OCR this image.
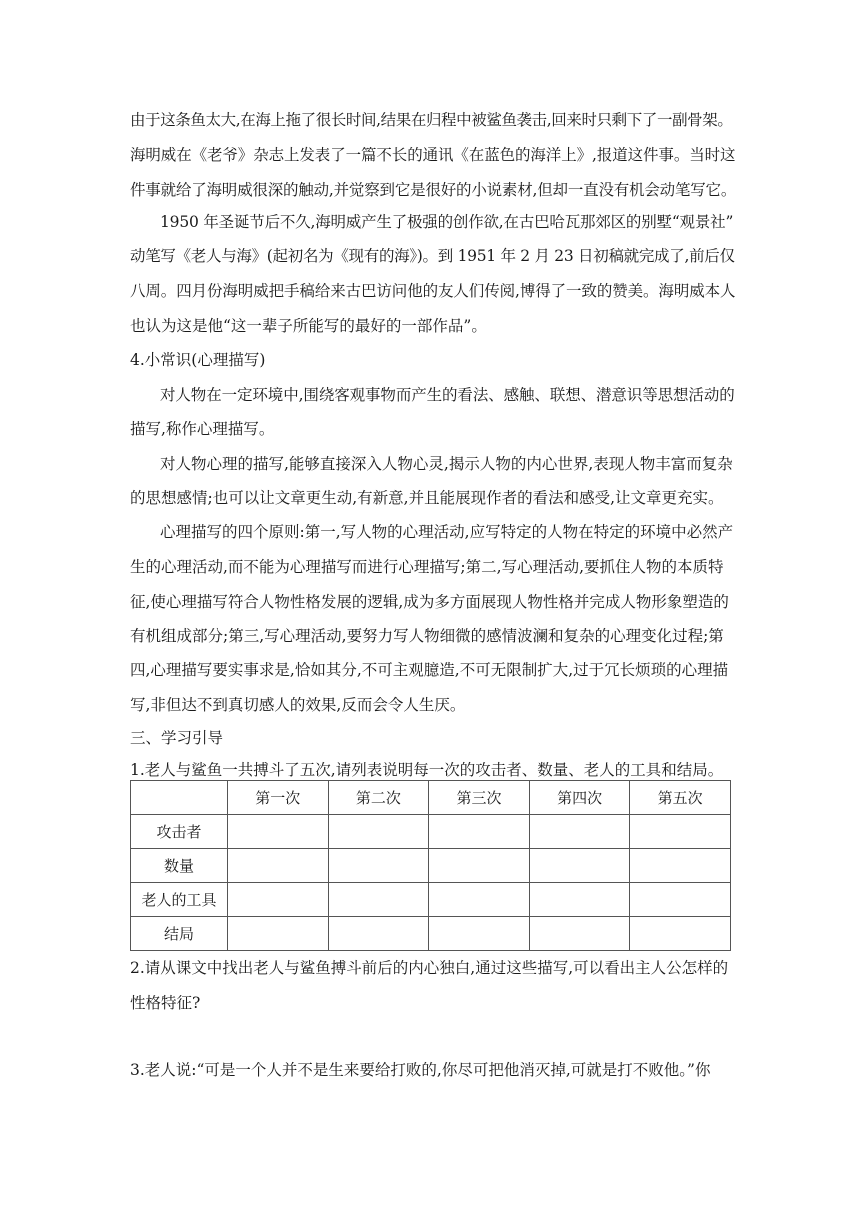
由于这条鱼太大,在海上拖了很长时间,结果在归程中被鲨鱼袭击,回来时只剩下了一副骨架。
海明威在《老爷》杂志上发表了一篇不长的通讯《在蓝色的海洋上》,报道这件事。当时这
件事就给了海明威很深的触动,并觉察到它是很好的小说素材,但却一直没有机会动笔写它。
1950 年圣诞节后不久,海明威产生了极强的创作欲,在古巴哈瓦那郊区的别墅“观景社”
动笔写《老人与海》(起初名为《现有的海》)。到 1951 年 2 月 23 日初稿就完成了,前后仅
八周。四月份海明威把手稿给来古巴访问他的友人们传阅,博得了一致的赞美。海明威本人
也认为这是他“这一辈子所能写的最好的一部作品”。
4.小常识(心理描写)
对人物在一定环境中,围绕客观事物而产生的看法、感触、联想、潜意识等思想活动的
描写,称作心理描写。
对人物心理的描写,能够直接深入人物心灵,揭示人物的内心世界,表现人物丰富而复杂
的思想感情;也可以让文章更生动,有新意,并且能展现作者的看法和感受,让文章更充实。
心理描写的四个原则:第一,写人物的心理活动,应写特定的人物在特定的环境中必然产
生的心理活动,而不能为心理描写而进行心理描写;第二,写心理活动,要抓住人物的本质特
征,使心理描写符合人物性格发展的逻辑,成为多方面展现人物性格并完成人物形象塑造的
有机组成部分;第三,写心理活动,要努力写人物细微的感情波澜和复杂的心理变化过程;第
四,心理描写要实事求是,恰如其分,不可主观臆造,不可无限制扩大,过于冗长烦琐的心理描
写,非但达不到真切感人的效果,反而会令人生厌。
三、学习引导
1.老人与鲨鱼一共搏斗了五次,请列表说明每一次的攻击者、数量、老人的工具和结局。
	第一次	第二次	第三次	第四次	第五次
攻击者					
数量					
老人的工具					
结局					
2.请从课文中找出老人与鲨鱼搏斗前后的内心独白,通过这些描写,可以看出主人公怎样的
性格特征?
3.老人说:“可是一个人并不是生来要给打败的,你尽可把他消灭掉,可就是打不败他。”你
